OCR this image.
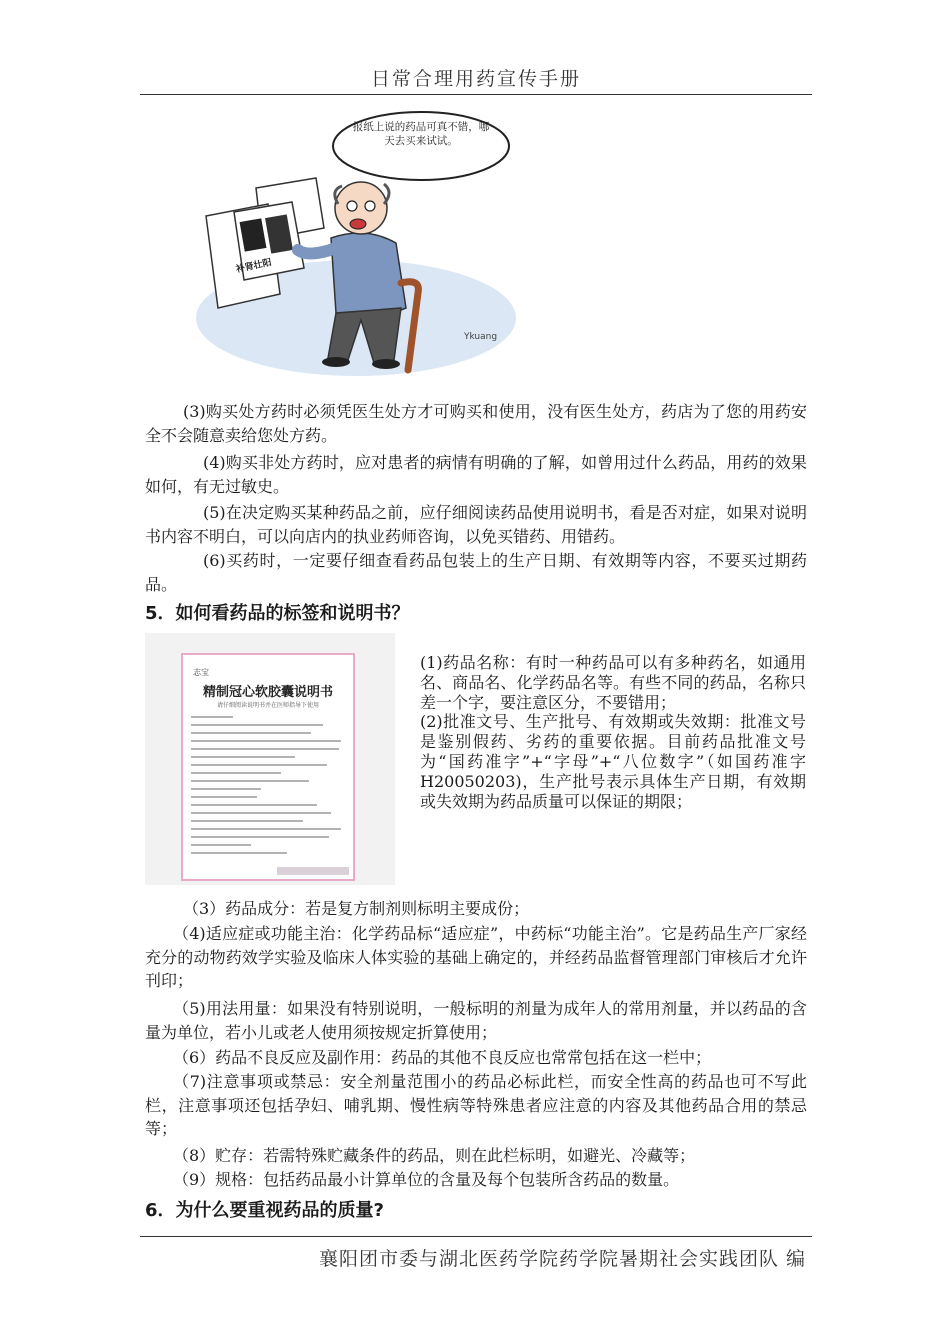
日常合理用药宣传手册
报纸上说的药品可真不错，哪天去买来试试。
补肾壮阳
Ykuang

(3)购买处方药时必须凭医生处方才可购买和使用，没有医生处方，药店为了您的用药安全不会随意卖给您处方药。

(4)购买非处方药时，应对患者的病情有明确的了解，如曾用过什么药品，用药的效果如何，有无过敏史。

(5)在决定购买某种药品之前，应仔细阅读药品使用说明书，看是否对症，如果对说明书内容不明白，可以向店内的执业药师咨询，以免买错药、用错药。

(6)买药时，一定要仔细查看药品包装上的生产日期、有效期等内容，不要买过期药品。

5．如何看药品的标签和说明书？
志宝
精制冠心软胶囊说明书
请仔细阅读说明书并在医师指导下使用

(1)药品名称：有时一种药品可以有多种药名，如通用名、商品名、化学药品名等。有些不同的药品，名称只差一个字，要注意区分，不要错用；
(2)批准文号、生产批号、有效期或失效期：批准文号是鉴别假药、劣药的重要依据。目前药品批准文号为“国药准字”+“字母”+“八位数字”（如国药准字H20050203)，生产批号表示具体生产日期，有效期或失效期为药品质量可以保证的期限；

（3）药品成分：若是复方制剂则标明主要成份；

（4)适应症或功能主治：化学药品标“适应症”，中药标“功能主治”。它是药品生产厂家经充分的动物药效学实验及临床人体实验的基础上确定的，并经药品监督管理部门审核后才允许刊印；

（5)用法用量：如果没有特别说明，一般标明的剂量为成年人的常用剂量，并以药品的含量为单位，若小儿或老人使用须按规定折算使用；

（6）药品不良反应及副作用：药品的其他不良反应也常常包括在这一栏中；

（7)注意事项或禁忌：安全剂量范围小的药品必标此栏，而安全性高的药品也可不写此栏，注意事项还包括孕妇、哺乳期、慢性病等特殊患者应注意的内容及其他药品合用的禁忌等；

（8）贮存：若需特殊贮藏条件的药品，则在此栏标明，如避光、冷藏等；

（9）规格：包括药品最小计算单位的含量及每个包装所含药品的数量。

6．为什么要重视药品的质量?
襄阳团市委与湖北医药学院药学院暑期社会实践团队 编
